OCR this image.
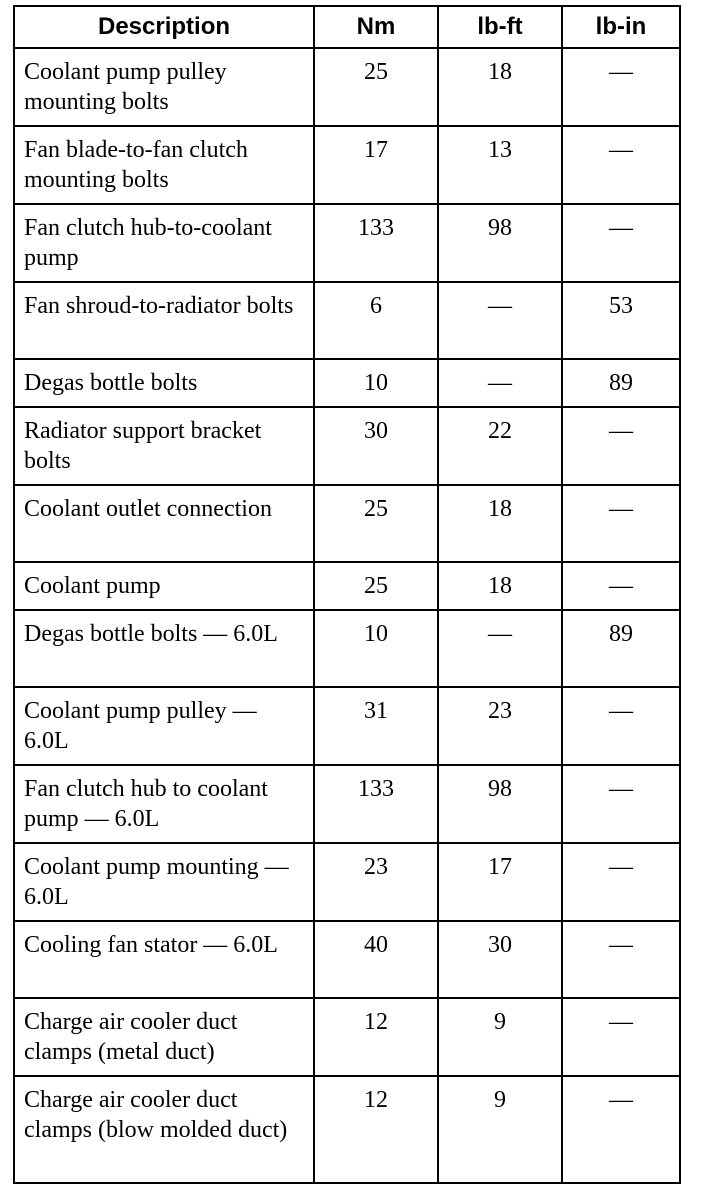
Description	Nm	lb-ft	lb-in
Coolant pump pulley mounting bolts	25	18	—
Fan blade-to-fan clutch mounting bolts	17	13	—
Fan clutch hub-to-coolant pump	133	98	—
Fan shroud-to-radiator bolts	6	—	53
Degas bottle bolts	10	—	89
Radiator support bracket bolts	30	22	—
Coolant outlet connection	25	18	—
Coolant pump	25	18	—
Degas bottle bolts — 6.0L	10	—	89
Coolant pump pulley — 6.0L	31	23	—
Fan clutch hub to coolant pump — 6.0L	133	98	—
Coolant pump mounting — 6.0L	23	17	—
Cooling fan stator — 6.0L	40	30	—
Charge air cooler duct clamps (metal duct)	12	9	—
Charge air cooler duct clamps (blow molded duct)	12	9	—
